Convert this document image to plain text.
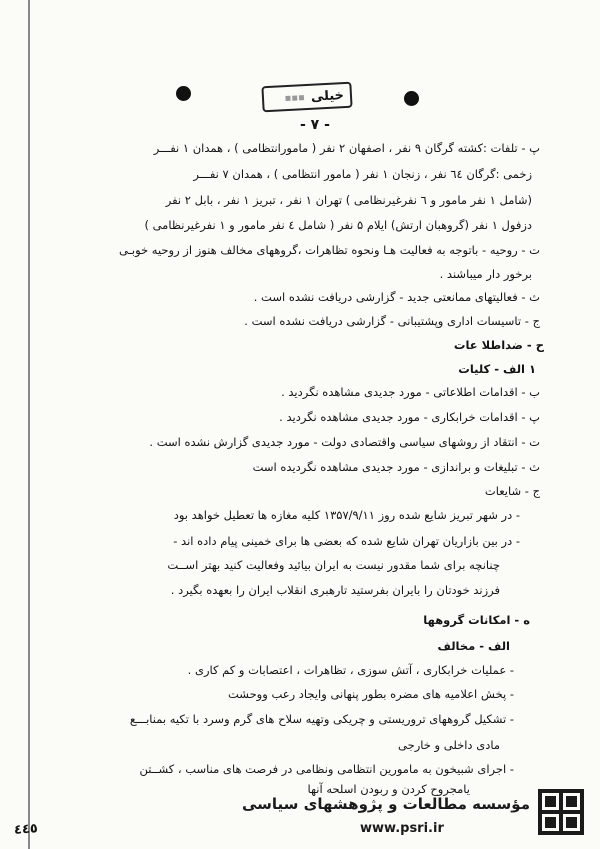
▪▪▪ خیلی
- ۷ -
پ - تلفات :کشته گرگان ۹ نفر ، اصفهان ۲ نفر ( مامورانتظامی ) ، همدان ۱ نفـــر
زخمی :گرگان ٦٤ نفر ، زنجان ۱ نفر ( مامور انتظامی ) ، همدان ۷ نفـــر
(شامل ۱ نفر مامور و ٦ نفرغیرنظامی ) تهران ۱ نفر ، تبریز ۱ نفر ، بابل ۲ نفر
دزفول ۱ نفر (گروهبان ارتش) ایلام ۵ نفر ( شامل ٤ نفر مامور و ۱ نفرغیرنظامی )
ت - روحیه - باتوجه به فعالیت هـا ونحوه تظاهرات ،گروههای مخالف هنوز از روحیه خوبـی
برخور دار میباشند .
ث - فعالیتهای ممانعتی جدید - گزارشی دریافت نشده است .
ج - تاسیسات اداری وپشتیبانی - گزارشی دریافت نشده است .
ح - ضداطلا عات
۱ الف - کلیات
ب - اقدامات اطلاعاتی - مورد جدیدی مشاهده نگردید .
پ - اقدامات خرابکاری - مورد جدیدی مشاهده نگردید .
ت - انتقاد از روشهای سیاسی واقتصادی دولت - مورد جدیدی گزارش نشده است .
ث - تبلیغات و براندازی - مورد جدیدی مشاهده نگردیده است
ج - شایعات
- در شهر تبریز شایع شده روز ۱۳۵۷/۹/۱۱ کلیه مغازه ها تعطیل خواهد بود
- در بین بازاریان تهران شایع شده که بعضی ها برای خمینی پیام داده اند -
چنانچه برای شما مقدور نیست به ایران بیائید وفعالیت کنید بهتر اســت
فرزند خودتان را بایران بفرستید تارهبری انقلاب ایران را بعهده بگیرد .
ه - امکانات گروهها
الف - مخالف
- عملیات خرابکاری ، آتش سوزی ، تظاهرات ، اعتصابات و کم کاری .
- پخش اعلامیه های مضره بطور پنهانی وایجاد رعب ووحشت
- تشکیل گروههای تروریستی و چریکی وتهیه سلاح های گرم وسرد با تکیه بمنابـــع
مادی داخلی و خارجی
- اجرای شبیخون به مامورین انتظامی ونظامی در فرصت های مناسب ، کشــتن
یامجروح کردن و ربودن اسلحه آنها
٤٤٥
مؤسسه مطالعات و پژوهشهای سیاسی
www.psri.ir
